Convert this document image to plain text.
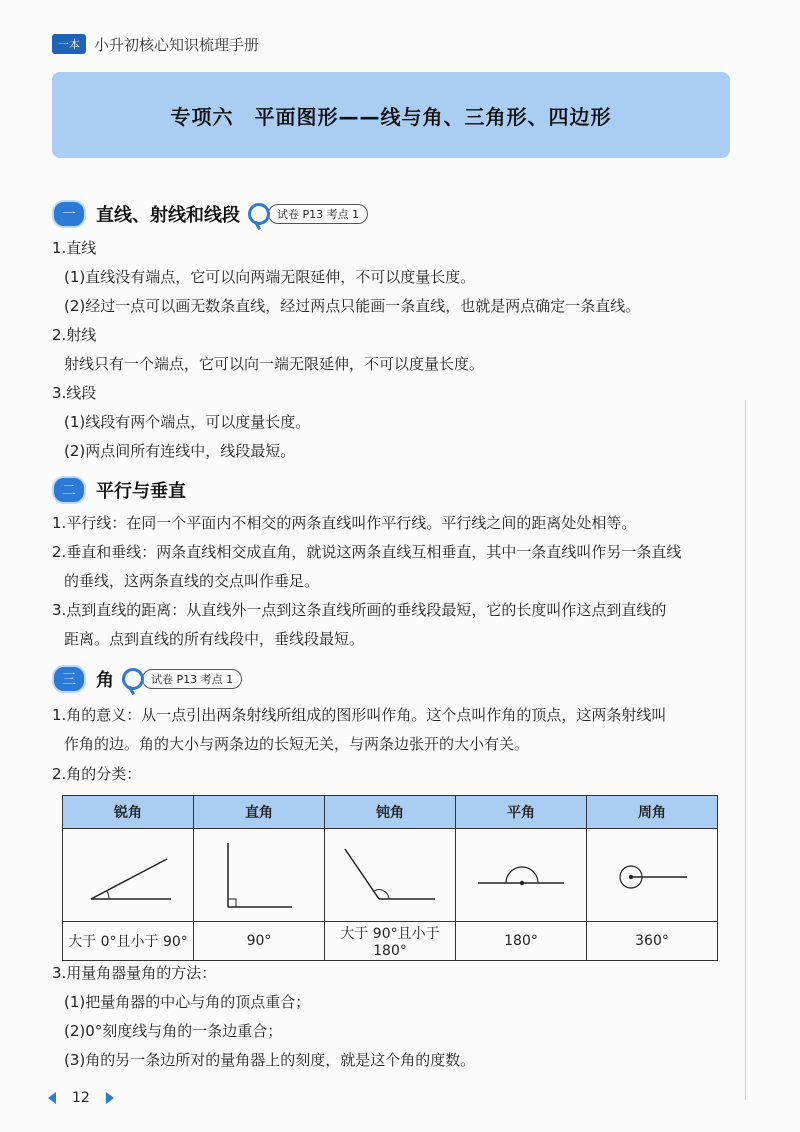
一本 小升初核心知识梳理手册
专项六　平面图形——线与角、三角形、四边形
一	直线、射线和线段	试卷 P13 考点 1
1.直线
(1)直线没有端点，它可以向两端无限延伸，不可以度量长度。
(2)经过一点可以画无数条直线，经过两点只能画一条直线，也就是两点确定一条直线。
2.射线
射线只有一个端点，它可以向一端无限延伸，不可以度量长度。
3.线段
(1)线段有两个端点，可以度量长度。
(2)两点间所有连线中，线段最短。
二	平行与垂直
1.平行线：在同一个平面内不相交的两条直线叫作平行线。平行线之间的距离处处相等。
2.垂直和垂线：两条直线相交成直角，就说这两条直线互相垂直，其中一条直线叫作另一条直线
的垂线，这两条直线的交点叫作垂足。
3.点到直线的距离：从直线外一点到这条直线所画的垂线段最短，它的长度叫作这点到直线的
距离。点到直线的所有线段中，垂线段最短。
三	角	试卷 P13 考点 1
1.角的意义：从一点引出两条射线所组成的图形叫作角。这个点叫作角的顶点，这两条射线叫
作角的边。角的大小与两条边的长短无关，与两条边张开的大小有关。
2.角的分类：
锐角	直角	钝角	平角	周角

大于 0°且小于 90°	90°	大于 90°且小于 180°	180°	360°
3.用量角器量角的方法：
(1)把量角器的中心与角的顶点重合；
(2)0°刻度线与角的一条边重合；
(3)角的另一条边所对的量角器上的刻度，就是这个角的度数。
12
